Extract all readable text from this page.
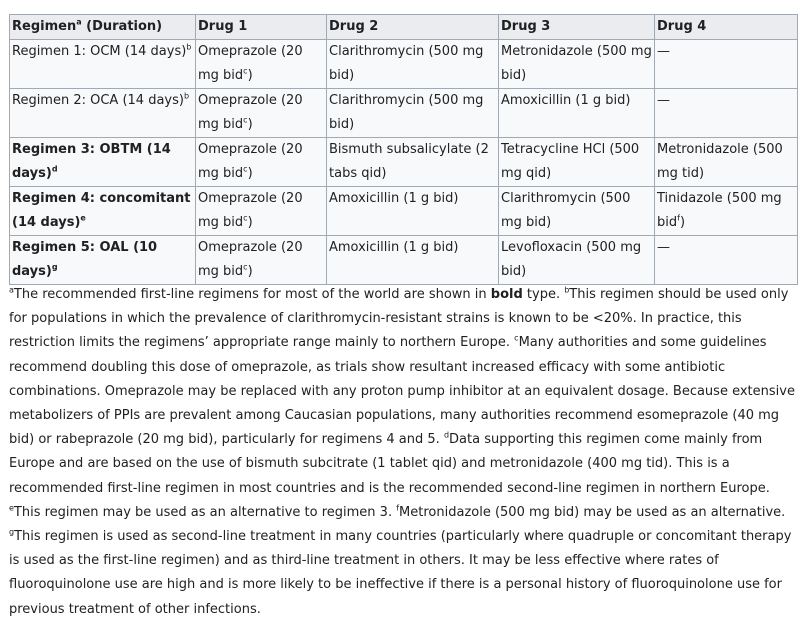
Regimen$^a$ (Duration)	Drug 1	Drug 2	Drug 3	Drug 4
Regimen 1: OCM (14 days)$^b$	Omeprazole (20 mg bid$^c$)	Clarithromycin (500 mg bid)	Metronidazole (500 mg bid)	—
Regimen 2: OCA (14 days)$^b$	Omeprazole (20 mg bid$^c$)	Clarithromycin (500 mg bid)	Amoxicillin (1 g bid)	—
Regimen 3: OBTM (14 days)$^d$	Omeprazole (20 mg bid$^c$)	Bismuth subsalicylate (2 tabs qid)	Tetracycline HCl (500 mg qid)	Metronidazole (500 mg tid)
Regimen 4: concomitant (14 days)$^e$	Omeprazole (20 mg bid$^c$)	Amoxicillin (1 g bid)	Clarithromycin (500 mg bid)	Tinidazole (500 mg bid$^f$)
Regimen 5: OAL (10 days)$^g$	Omeprazole (20 mg bid$^c$)	Amoxicillin (1 g bid)	Levofloxacin (500 mg bid)	—
$^a$The recommended first-line regimens for most of the world are shown in bold type. $^b$This regimen should be used only for populations in which the prevalence of clarithromycin-resistant strains is known to be <20%. In practice, this restriction limits the regimens’ appropriate range mainly to northern Europe. $^c$Many authorities and some guidelines recommend doubling this dose of omeprazole, as trials show resultant increased efficacy with some antibiotic combinations. Omeprazole may be replaced with any proton pump inhibitor at an equivalent dosage. Because extensive metabolizers of PPIs are prevalent among Caucasian populations, many authorities recommend esomeprazole (40 mg bid) or rabeprazole (20 mg bid), particularly for regimens 4 and 5. $^d$Data supporting this regimen come mainly from Europe and are based on the use of bismuth subcitrate (1 tablet qid) and metronidazole (400 mg tid). This is a recommended first-line regimen in most countries and is the recommended second-line regimen in northern Europe. $^e$This regimen may be used as an alternative to regimen 3. $^f$Metronidazole (500 mg bid) may be used as an alternative. $^g$This regimen is used as second-line treatment in many countries (particularly where quadruple or concomitant therapy is used as the first-line regimen) and as third-line treatment in others. It may be less effective where rates of fluoroquinolone use are high and is more likely to be ineffective if there is a personal history of fluoroquinolone use for previous treatment of other infections.
